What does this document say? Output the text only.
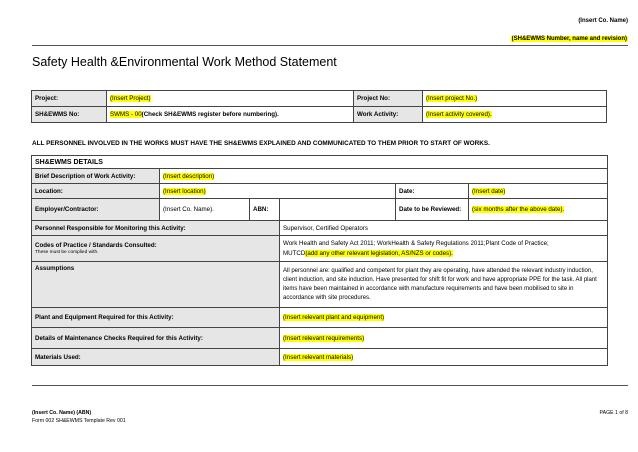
(Insert Co. Name)
(SH&EWMS Number, name and revision)
Safety Health &Environmental Work Method Statement
Project:	(Insert Project)	Project No:	(Insert project No.)
SH&EWMS No:	SWMS - 00(Check SH&EWMS register before numbering).	Work Activity:	(Insert activity covered).
ALL PERSONNEL INVOLVED IN THE WORKS MUST HAVE THE SH&EWMS EXPLAINED AND COMMUNICATED TO THEM PRIOR TO START OF WORKS.
SH&EWMS DETAILS					
Brief Description of Work Activity:	(Insert description)				
Location:	(Insert location)			Date:	(Insert date)
Employer/Contractor:	(Insert Co. Name).	ABN:		Date to be Reviewed:	(six months after the above date).
Personnel Responsible for Monitoring this Activity:			Supervisor, Certified Operators		
Codes of Practice / Standards Consulted:
These must be complied with.			Work Health and Safety Act 2011; WorkHealth & Safety Regulations 2011;Plant Code of Practice;
MUTCD(add any other relevant legislation, AS/NZS or codes).		
Assumptions			All personnel are: qualified and competent for plant they are operating, have attended the relevant industry induction, client induction, and site induction. Have presented for shift fit for work and have appropriate PPE for the task. All plant items have been maintained in accordance with manufacture requirements and have been mobilised to site in accordance with site procedures.		
Plant and Equipment Required for this Activity:			(Insert relevant plant and equipment)		
Details of Maintenance Checks Required for this Activity:			(Insert relevant requirements)		
Materials Used:			(Insert relevant materials)		
(Insert Co. Name) (ABN)
Form 002 SH&EWMS Template Rev 001
PAGE 1 of 8
